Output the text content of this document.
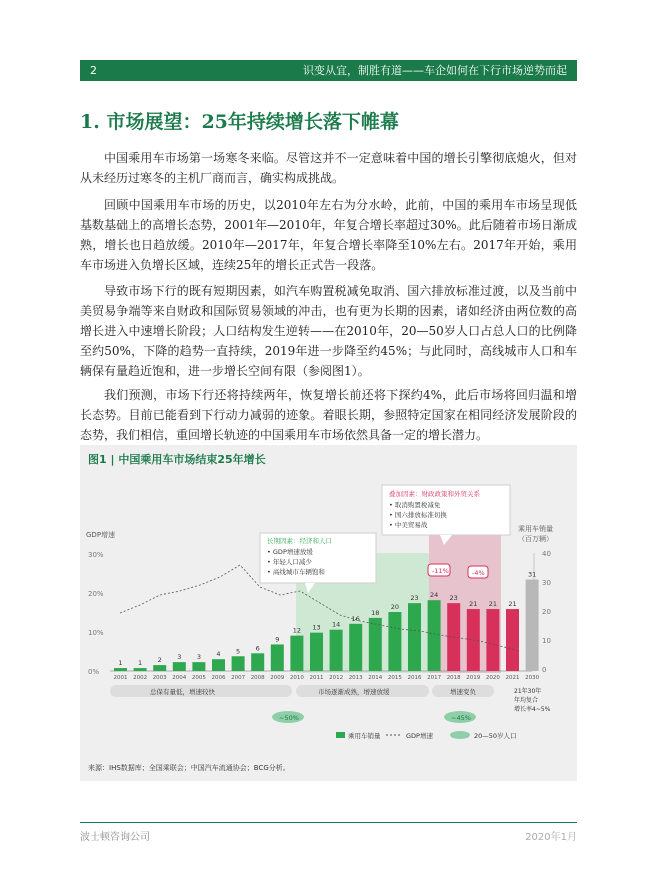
2	识变从宜，制胜有道——车企如何在下行市场逆势而起
1. 市场展望：25年持续增长落下帷幕

中国乘用车市场第一场寒冬来临。尽管这并不一定意味着中国的增长引擎彻底熄火，但对从未经历过寒冬的主机厂商而言，确实构成挑战。

回顾中国乘用车市场的历史，以2010年左右为分水岭，此前，中国的乘用车市场呈现低基数基础上的高增长态势，2001年—2010年，年复合增长率超过30%。此后随着市场日渐成熟，增长也日趋放缓。2010年—2017年，年复合增长率降至10%左右。2017年开始，乘用车市场进入负增长区域，连续25年的增长正式告一段落。

导致市场下行的既有短期因素，如汽车购置税减免取消、国六排放标准过渡，以及当前中美贸易争端等来自财政和国际贸易领域的冲击，也有更为长期的因素，诸如经济由两位数的高增长进入中速增长阶段；人口结构发生逆转——在2010年，20—50岁人口占总人口的比例降至约50%，下降的趋势一直持续，2019年进一步降至约45%；与此同时，高线城市人口和车辆保有量趋近饱和，进一步增长空间有限（参阅图1）。

我们预测，市场下行还将持续两年，恢复增长前还将下探约4%，此后市场将回归温和增长态势。目前已能看到下行动力减弱的迹象。着眼长期，参照特定国家在相同经济发展阶段的态势，我们相信，重回增长轨迹的中国乘用车市场依然具备一定的增长潜力。

图1 | 中国乘用车市场结束25年增长
GDP增速
乘用车销量
（百万辆）
30%
20%
10%
0%
40
30
20
10
0
1
2001
1
2002
2
2003
3
2004
3
2005
4
2006
5
2007
6
2008
9
2009
12
2010
13
2011
14
2012
16
2013
18
2014
20
2015
23
2016
24
2017
23
2018
21
2019
21
2020
21
2021
31
2030
长期因素：经济和人口
• GDP增速放缓
• 年轻人口减少
• 高线城市车辆饱和
叠加因素：财政政策和外贸关系
• 取消购置税减免
• 国六排放标准切换
• 中美贸易战
-11%	-4%
总保有量低，增速较快	市场逐渐成熟，增速放缓	增速变负	21年30年
年均复合
增长率4~5%
~50%	~45%
乘用车销量	GDP增速	20—50岁人口
来源：IHS数据库；全国乘联会；中国汽车流通协会；BCG分析。
波士顿咨询公司	2020年1月
